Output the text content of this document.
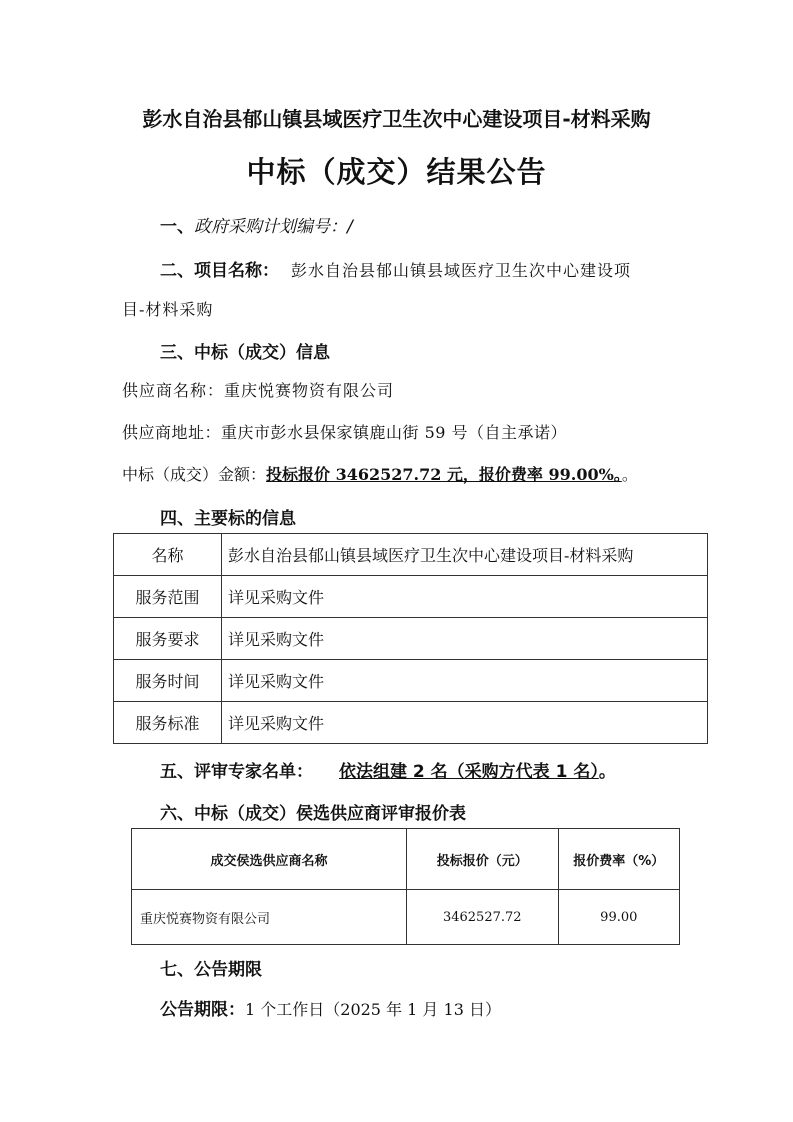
彭水自治县郁山镇县域医疗卫生次中心建设项目-材料采购
中标（成交）结果公告
一、政府采购计划编号：/
二、项目名称： 彭水自治县郁山镇县域医疗卫生次中心建设项
目-材料采购
三、中标（成交）信息
供应商名称：重庆悦赛物资有限公司
供应商地址：重庆市彭水县保家镇鹿山街 59 号（自主承诺）
中标（成交）金额：投标报价 3462527.72 元，报价费率 99.00%。。
四、主要标的信息
名称	彭水自治县郁山镇县域医疗卫生次中心建设项目-材料采购
服务范围	详见采购文件
服务要求	详见采购文件
服务时间	详见采购文件
服务标准	详见采购文件
五、评审专家名单： 依法组建 2 名（采购方代表 1 名）。
六、中标（成交）侯选供应商评审报价表
成交侯选供应商名称	投标报价（元）	报价费率（%）
重庆悦赛物资有限公司	3462527.72	99.00
七、公告期限
公告期限：1 个工作日（2025 年 1 月 13 日）
